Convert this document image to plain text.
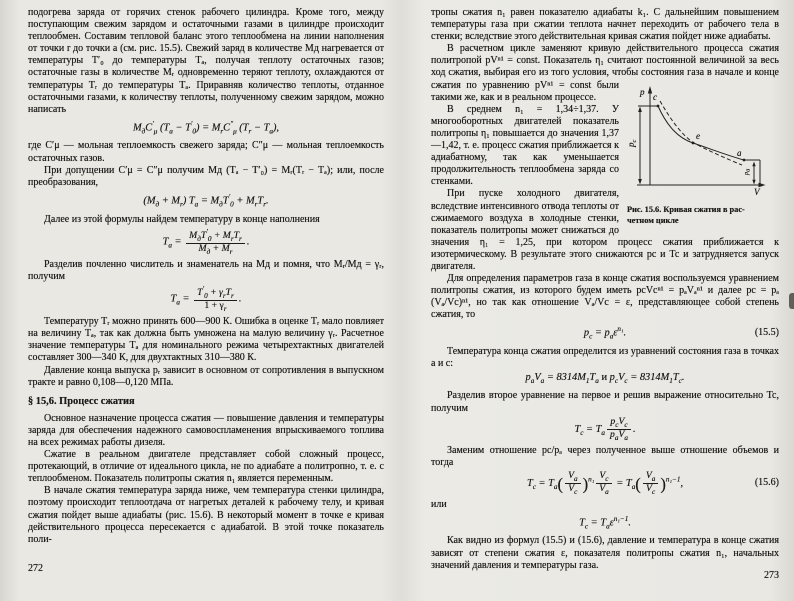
подогрева заряда от горячих стенок рабочего цилиндра. Кроме того, между поступающим свежим зарядом и остаточными газами в цилиндре происходит теплообмен. Составим тепловой баланс этого теплообмена на линии наполнения от точки r до точки a (см. рис. 15.5). Свежий заряд в количестве Mд нагревается от температуры T′₀ до температуры Tₐ, получая теплоту остаточных газов; остаточные газы в количестве Mᵣ одновременно теряют теплоту, охлаждаются от температуры Tᵣ до температуры Tₐ. Приравняв количество теплоты, отданное остаточными газами, к количеству теплоты, полученному свежим зарядом, можно написать

$M_дC'_\mu$ $(T_a - T'_0) = M_rC''_\mu$ $(T_r - T_a)$,

где C′μ — мольная теплоемкость свежего заряда; C″μ — мольная теплоемкость остаточных газов.

При допущении C′μ = C″μ получим Mд (Tₐ − T′₀) = Mᵣ(Tᵣ − Tₐ); или, после преобразования,

$(M_д + M_r) T_a = M_дT'_0 + M_rT_r$.

Далее из этой формулы найдем температуру в конце наполнения

$T_a = \frac{M_дT'_0 + M_rT_r}{M_д + M_r}$ .

Разделив почленно числитель и знаменатель на Mд и помня, что Mᵣ/Mд = γᵣ, получим

$T_a = \frac{T'_0 + \gamma_rT_r}{1 + \gamma_r}$ .

Температуру Tᵣ можно принять 600—900 К. Ошибка в оценке Tᵣ мало повлияет на величину Tₐ, так как должна быть умножена на малую величину γᵣ. Расчетное значение температуры Tₐ для номинального режима четырехтактных двигателей составляет 300—340 К, для двухтактных 310—380 К.

Давление конца выпуска pᵣ зависит в основном от сопротивления в выпускном тракте и равно 0,108—0,120 МПа.

§ 15,6. Процесс сжатия

Основное назначение процесса сжатия — повышение давления и температуры заряда для обеспечения надежного самовоспламенения впрыскиваемого топлива на всех режимах работы дизеля.

Сжатие в реальном двигателе представляет собой сложный процесс, протекающий, в отличие от идеального цикла, не по адиабате а политропно, т. е. с теплообменом. Показатель политропы сжатия n₁ является переменным.

В начале сжатия температура заряда ниже, чем температура стенки цилиндра, поэтому происходит теплоотдача от нагретых деталей к рабочему телу, и кривая сжатия пойдет выше адиабаты (рис. 15.6). В некоторый момент в точке e кривая действительного процесса пересекается с адиабатой. В этой точке показатель поли-

272

тропы сжатия n₁ равен показателю адиабаты k₁. С дальнейшим повышением температуры газа при сжатии теплота начнет переходить от рабочего тела в стенки; вследствие этого действительная кривая сжатия пойдет ниже адиабаты.

p
V
c
e
a
$p_c$
pa
Рис. 15.6. Кривая сжатия в рас-
четном цикле

В расчетном цикле заменяют кривую действительного процесса сжатия политропой pVⁿ¹ = const. Показатель η₁ считают постоянной величиной за весь ход сжатия, выбирая его из того условия, чтобы состояния газа в начале и конце сжатия по уравнению pVⁿ¹ = const были такими же, как и в реальном процессе.

В среднем n₁ = 1,34÷1,37. У многооборотных двигателей показатель политропы η₁ повышается до значения 1,37—1,42, т. е. процесс сжатия приближается к адиабатному, так как уменьшается продолжительность теплообмена заряда со стенками.

При пуске холодного двигателя, вследствие интенсивного отвода теплоты от сжимаемого воздуха в холодные стенки, показатель политропы может снижаться до значения η₁ = 1,25, при котором процесс сжатия приближается к изотермическому. В результате этого снижаются pc и Tc и затрудняется запуск двигателя.

Для определения параметров газа в конце сжатия воспользуемся уравнением политропы сжатия, из которого будем иметь pcVcⁿ¹ = pₐVₐⁿ¹ и далее pc = pₐ (Vₐ/Vc)ⁿ¹, но так как отношение Vₐ/Vc = ε, представляющее собой степень сжатия, то

$p_c = p_a\varepsilon^{n_1}$.	(15.5)

Температура конца сжатия определится из уравнений состояния газа в точках a и c:

$p_aV_a = 8314M_1T_a$ и $p_cV_c = 8314M_1T_c$.

Разделив второе уравнение на первое и решив выражение относительно Tc, получим

$T_c = T_a \frac{p_cV_c}{p_aV_a}$ .

Заменим отношение pc/pₐ через полученное выше отношение объемов и тогда

$T_c = T_a( \frac{V_a}{V_c} )^{n_1} \frac{V_c}{V_a} = T_a( \frac{V_a}{V_c} )^{n_1-1}$,	(15.6)

или

$T_c = T_a\varepsilon^{n_1-1}$.

Как видно из формул (15.5) и (15.6), давление и температура в конце сжатия зависят от степени сжатия ε, показателя политропы сжатия n₁, начальных значений давления и температуры газа.

273
